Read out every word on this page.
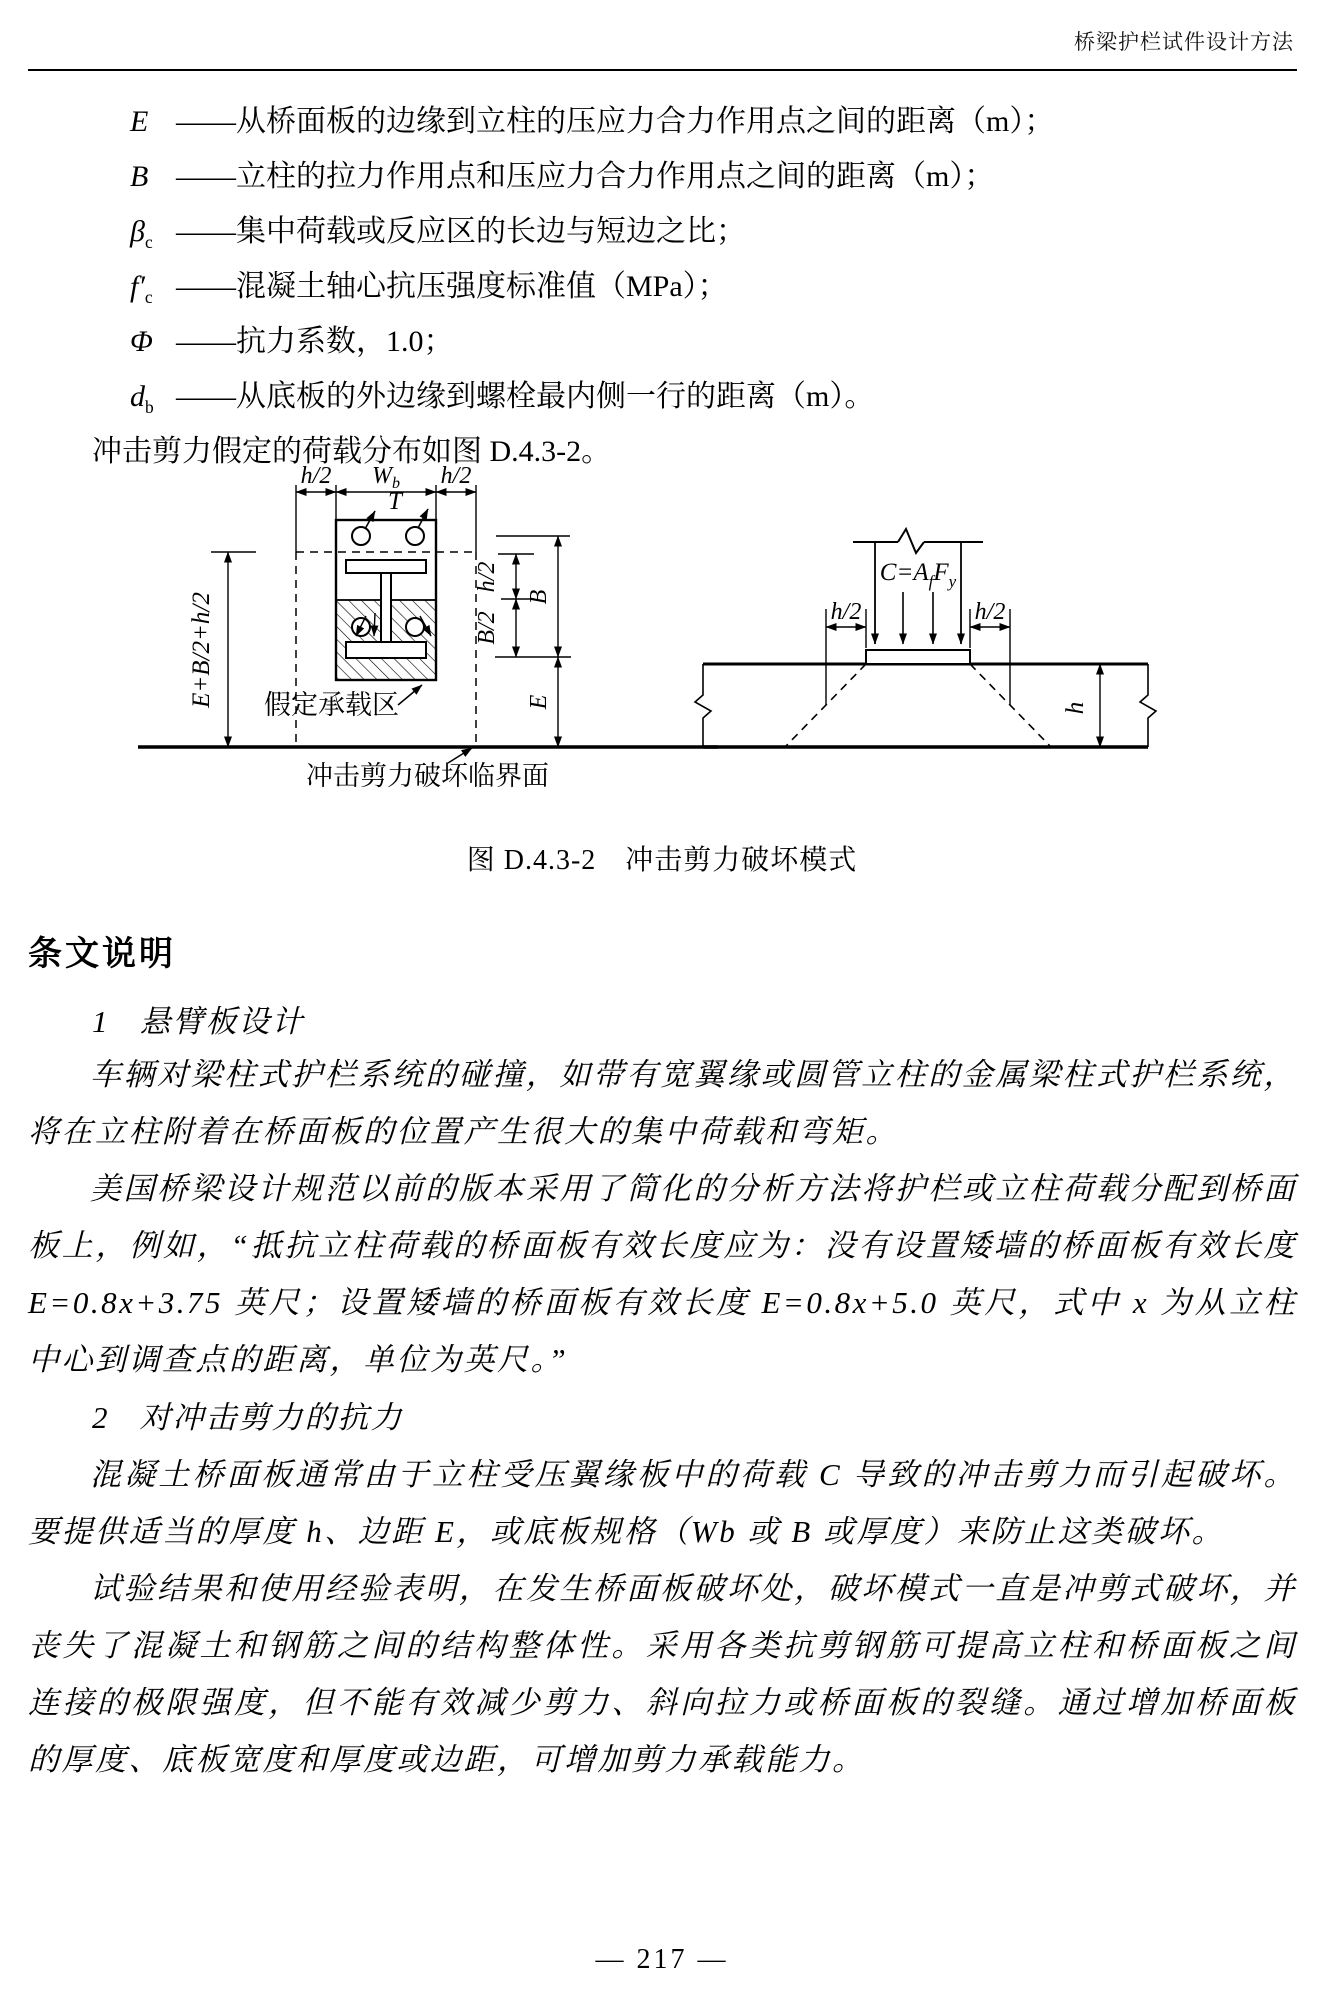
桥梁护栏试件设计方法
E ——从桥面板的边缘到立柱的压应力合力作用点之间的距离（m）；
B ——立柱的拉力作用点和压应力合力作用点之间的距离（m）；
$\beta_c$ ——集中荷载或反应区的长边与短边之比；
$f'_c$ ——混凝土轴心抗压强度标准值（MPa）；
Φ ——抗力系数，1.0；
$d_b$ ——从底板的外边缘到螺栓最内侧一行的距离（m）。
冲击剪力假定的荷载分布如图 D.4.3-2。
h/2 $W_b$ h/2
T
E+B/2+h/2
h/2
B/2
B
E
假定承载区
冲击剪力破坏临界面
$C=A_fF_y$
h/2	h/2
h
图 D.4.3-2　冲击剪力破坏模式
条文说明
1 悬臂板设计
车辆对梁柱式护栏系统的碰撞，如带有宽翼缘或圆管立柱的金属梁柱式护栏系统，将在立柱附着在桥面板的位置产生很大的集中荷载和弯矩。
美国桥梁设计规范以前的版本采用了简化的分析方法将护栏或立柱荷载分配到桥面板上，例如，“抵抗立柱荷载的桥面板有效长度应为：没有设置矮墙的桥面板有效长度 E=0.8x+3.75 英尺；设置矮墙的桥面板有效长度 E=0.8x+5.0 英尺，式中 x 为从立柱中心到调查点的距离，单位为英尺。”
2 对冲击剪力的抗力
混凝土桥面板通常由于立柱受压翼缘板中的荷载 C 导致的冲击剪力而引起破坏。要提供适当的厚度 h、边距 E，或底板规格（Wb 或 B 或厚度）来防止这类破坏。
试验结果和使用经验表明，在发生桥面板破坏处，破坏模式一直是冲剪式破坏，并丧失了混凝土和钢筋之间的结构整体性。采用各类抗剪钢筋可提高立柱和桥面板之间连接的极限强度，但不能有效减少剪力、斜向拉力或桥面板的裂缝。通过增加桥面板的厚度、底板宽度和厚度或边距，可增加剪力承载能力。
— 217 —
